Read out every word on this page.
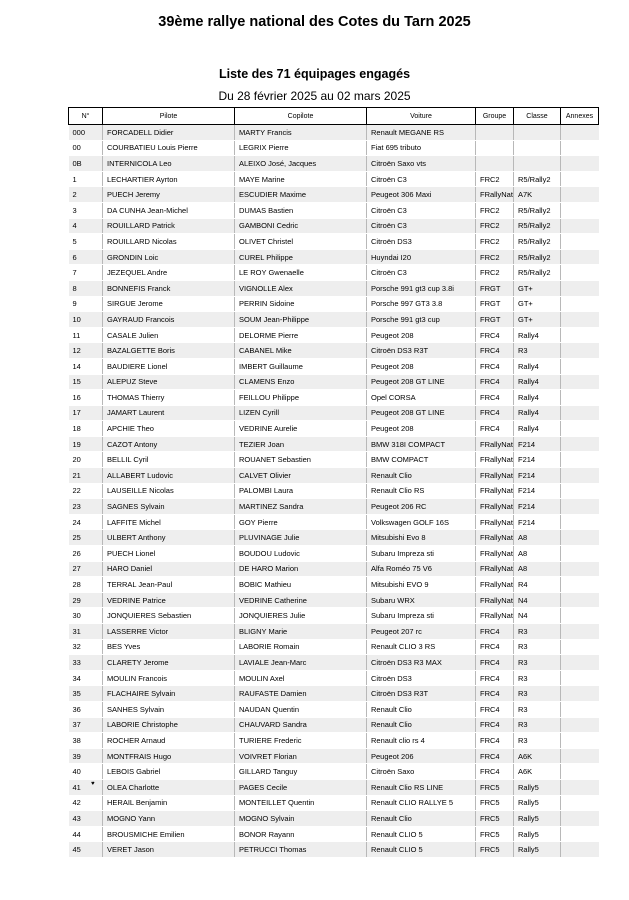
39ème rallye national des Cotes du Tarn 2025
Liste des 71 équipages engagés
Du 28 février 2025 au 02 mars 2025
N°	Pilote	Copilote	Voiture	Groupe	Classe	Annexes
000	FORCADELL Didier	MARTY Francis	Renault MEGANE RS			
00	COURBATIEU Louis Pierre	LEGRIX Pierre	Fiat 695 tributo			
0B	INTERNICOLA Leo	ALEIXO José, Jacques	Citroën Saxo vts			
1	LECHARTIER Ayrton	MAYE Marine	Citroën C3	FRC2	R5/Rally2	
2	PUECH Jeremy	ESCUDIER Maxime	Peugeot 306 Maxi	FRallyNat	A7K	
3	DA CUNHA Jean-Michel	DUMAS Bastien	Citroën C3	FRC2	R5/Rally2	
4	ROUILLARD Patrick	GAMBONI Cedric	Citroën C3	FRC2	R5/Rally2	
5	ROUILLARD Nicolas	OLIVET Christel	Citroën DS3	FRC2	R5/Rally2	
6	GRONDIN Loic	CUREL Philippe	Huyndai I20	FRC2	R5/Rally2	
7	JEZEQUEL Andre	LE ROY Gwenaelle	Citroën C3	FRC2	R5/Rally2	
8	BONNEFIS Franck	VIGNOLLE Alex	Porsche 991 gt3 cup 3.8i	FRGT	GT+	
9	SIRGUE Jerome	PERRIN Sidoine	Porsche 997 GT3 3.8	FRGT	GT+	
10	GAYRAUD Francois	SOUM Jean-Philippe	Porsche 991 gt3 cup	FRGT	GT+	
11	CASALE Julien	DELORME Pierre	Peugeot 208	FRC4	Rally4	
12	BAZALGETTE Boris	CABANEL Mike	Citroën DS3 R3T	FRC4	R3	
14	BAUDIERE Lionel	IMBERT Guillaume	Peugeot 208	FRC4	Rally4	
15	ALEPUZ Steve	CLAMENS Enzo	Peugeot 208 GT LINE	FRC4	Rally4	
16	THOMAS Thierry	FEILLOU Philippe	Opel CORSA	FRC4	Rally4	
17	JAMART Laurent	LIZEN Cyrill	Peugeot 208 GT LINE	FRC4	Rally4	
18	APCHIE Theo	VEDRINE Aurelie	Peugeot 208	FRC4	Rally4	
19	CAZOT Antony	TEZIER Joan	BMW 318I COMPACT	FRallyNat	F214	
20	BELLIL Cyril	ROUANET Sebastien	BMW COMPACT	FRallyNat	F214	
21	ALLABERT Ludovic	CALVET Olivier	Renault Clio	FRallyNat	F214	
22	LAUSEILLE Nicolas	PALOMBI Laura	Renault Clio RS	FRallyNat	F214	
23	SAGNES Sylvain	MARTINEZ Sandra	Peugeot 206 RC	FRallyNat	F214	
24	LAFFITE Michel	GOY Pierre	Volkswagen GOLF 16S	FRallyNat	F214	
25	ULBERT Anthony	PLUVINAGE Julie	Mitsubishi Evo 8	FRallyNat	A8	
26	PUECH Lionel	BOUDOU Ludovic	Subaru Impreza sti	FRallyNat	A8	
27	HARO Daniel	DE HARO Marion	Alfa Roméo 75 V6	FRallyNat	A8	
28	TERRAL Jean-Paul	BOBIC Mathieu	Mitsubishi EVO 9	FRallyNat	R4	
29	VEDRINE Patrice	VEDRINE Catherine	Subaru WRX	FRallyNat	N4	
30	JONQUIERES Sebastien	JONQUIERES Julie	Subaru Impreza sti	FRallyNat	N4	
31	LASSERRE Victor	BLIGNY Marie	Peugeot 207 rc	FRC4	R3	
32	BES Yves	LABORIE Romain	Renault CLIO 3 RS	FRC4	R3	
33	CLARETY Jerome	LAVIALE Jean-Marc	Citroën DS3 R3 MAX	FRC4	R3	
34	MOULIN Francois	MOULIN Axel	Citroën DS3	FRC4	R3	
35	FLACHAIRE Sylvain	RAUFASTE Damien	Citroën DS3 R3T	FRC4	R3	
36	SANHES Sylvain	NAUDAN Quentin	Renault Clio	FRC4	R3	
37	LABORIE Christophe	CHAUVARD Sandra	Renault Clio	FRC4	R3	
38	ROCHER Arnaud	TURIERE Frederic	Renault clio rs 4	FRC4	R3	
39	MONTFRAIS Hugo	VOIVRET Florian	Peugeot 206	FRC4	A6K	
40	LEBOIS Gabriel	GILLARD Tanguy	Citroën Saxo	FRC4	A6K	
41	OLEA Charlotte	PAGES Cecile	Renault Clio RS LINE	FRC5	Rally5	
42	HERAIL Benjamin	MONTEILLET Quentin	Renault CLIO RALLYE 5	FRC5	Rally5	
43	MOGNO Yann	MOGNO Sylvain	Renault Clio	FRC5	Rally5	
44	BROUSMICHE Emilien	BONOR Rayann	Renault CLIO 5	FRC5	Rally5	
45	VERET Jason	PETRUCCI Thomas	Renault CLIO 5	FRC5	Rally5	
♥
